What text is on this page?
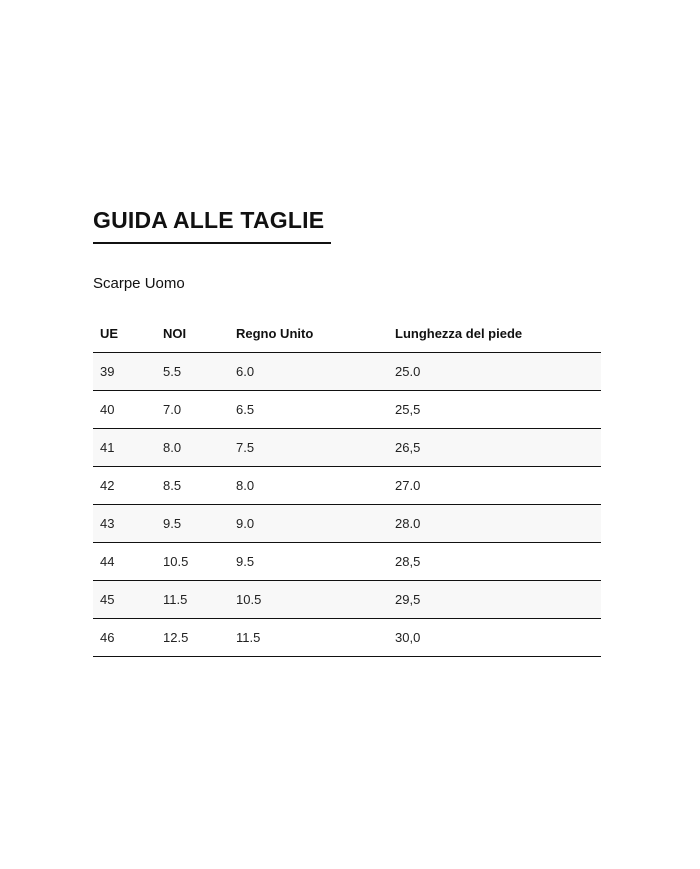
GUIDA ALLE TAGLIE
Scarpe Uomo
UE	NOI	Regno Unito	Lunghezza del piede
39	5.5	6.0	25.0
40	7.0	6.5	25,5
41	8.0	7.5	26,5
42	8.5	8.0	27.0
43	9.5	9.0	28.0
44	10.5	9.5	28,5
45	11.5	10.5	29,5
46	12.5	11.5	30,0
